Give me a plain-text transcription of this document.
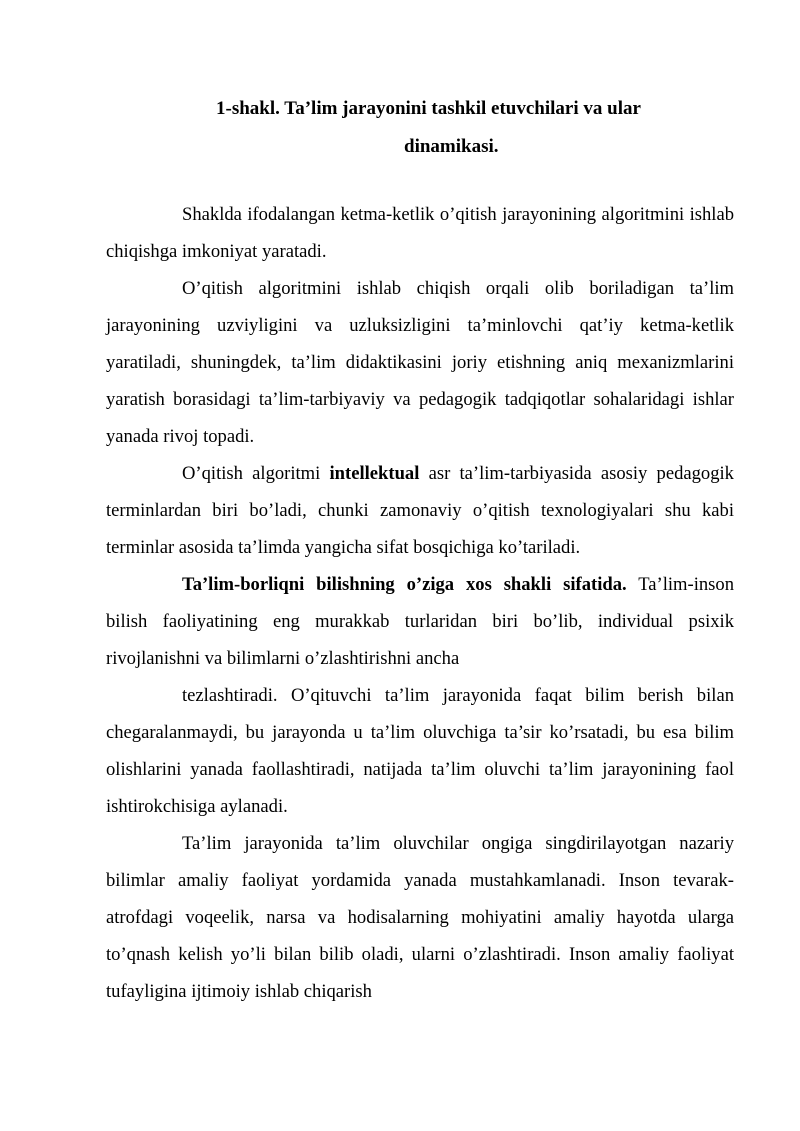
1-shakl. Ta’lim jarayonini tashkil etuvchilari va ular
dinamikasi.

Shaklda ifodalangan ketma-ketlik o’qitish jarayonining algoritmini ishlab chiqishga imkoniyat yaratadi.

O’qitish algoritmini ishlab chiqish orqali olib boriladigan ta’lim jarayonining uzviyligini va uzluksizligini ta’minlovchi qat’iy ketma-ketlik yaratiladi, shuningdek, ta’lim didaktikasini joriy etishning aniq mexanizmlarini yaratish borasidagi ta’lim-tarbiyaviy va pedagogik tadqiqotlar sohalaridagi ishlar yanada rivoj topadi.

O’qitish algoritmi intellektual asr ta’lim-tarbiyasida asosiy pedagogik terminlardan biri bo’ladi, chunki zamonaviy o’qitish texnologiyalari shu kabi terminlar asosida ta’limda yangicha sifat bosqichiga ko’tariladi.

Ta’lim-borliqni bilishning o’ziga xos shakli sifatida. Ta’lim-inson bilish faoliyatining eng murakkab turlaridan biri bo’lib, individual psixik rivojlanishni va bilimlarni o’zlashtirishni ancha

tezlashtiradi. O’qituvchi ta’lim jarayonida faqat bilim berish bilan chegaralanmaydi, bu jarayonda u ta’lim oluvchiga ta’sir ko’rsatadi, bu esa bilim olishlarini yanada faollashtiradi, natijada ta’lim oluvchi ta’lim jarayonining faol ishtirokchisiga aylanadi.

Ta’lim jarayonida ta’lim oluvchilar ongiga singdirilayotgan nazariy bilimlar amaliy faoliyat yordamida yanada mustahkamlanadi. Inson tevarak-atrofdagi voqeelik, narsa va hodisalarning mohiyatini amaliy hayotda ularga to’qnash kelish yo’li bilan bilib oladi, ularni o’zlashtiradi. Inson amaliy faoliyat tufayligina ijtimoiy ishlab chiqarish
